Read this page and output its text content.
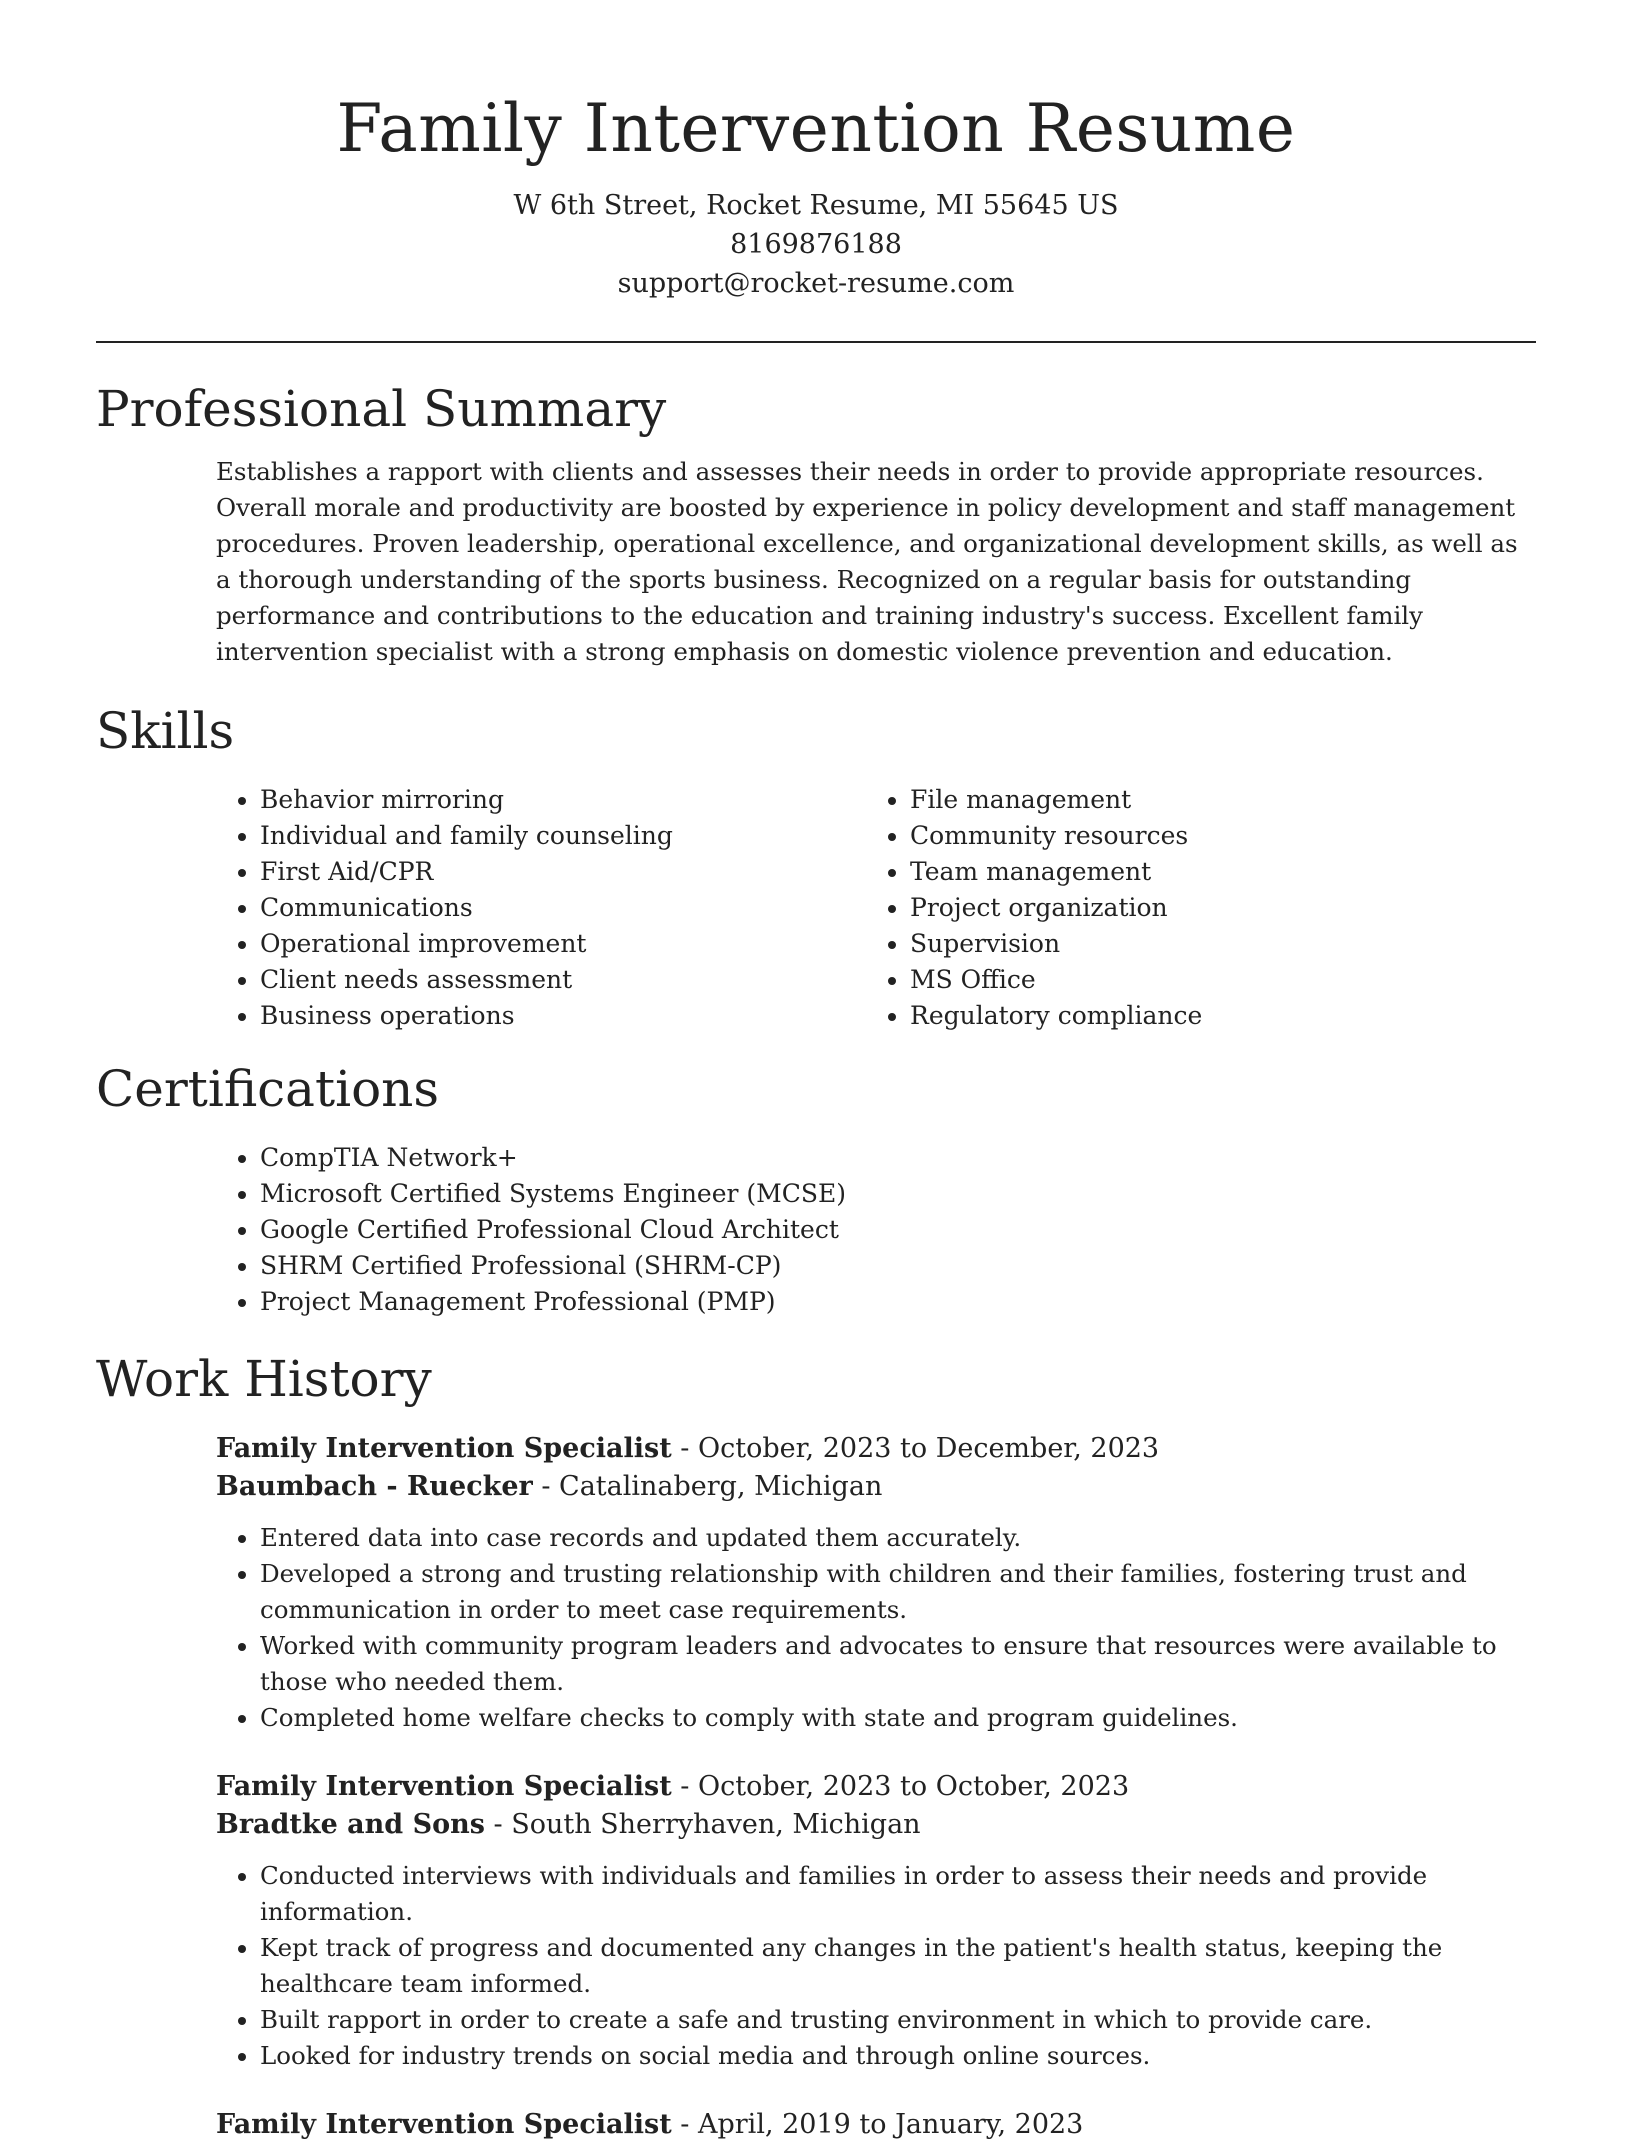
Family Intervention Resume

W 6th Street, Rocket Resume, MI 55645 US

8169876188

support@rocket-resume.com

Professional Summary

Establishes a rapport with clients and assesses their needs in order to provide appropriate resources. Overall morale and productivity are boosted by experience in policy development and staff management procedures. Proven leadership, operational excellence, and organizational development skills, as well as a thorough understanding of the sports business. Recognized on a regular basis for outstanding performance and contributions to the education and training industry's success. Excellent family intervention specialist with a strong emphasis on domestic violence prevention and education.

Skills
• Behavior mirroring
• Individual and family counseling
• First Aid/CPR
• Communications
• Operational improvement
• Client needs assessment
• Business operations
• File management
• Community resources
• Team management
• Project organization
• Supervision
• MS Office
• Regulatory compliance
Certifications
• CompTIA Network+
• Microsoft Certified Systems Engineer (MCSE)
• Google Certified Professional Cloud Architect
• SHRM Certified Professional (SHRM-CP)
• Project Management Professional (PMP)
Work History

Family Intervention Specialist - October, 2023 to December, 2023

Baumbach - Ruecker - Catalinaberg, Michigan

• Entered data into case records and updated them accurately.
• Developed a strong and trusting relationship with children and their families, fostering trust and communication in order to meet case requirements.
• Worked with community program leaders and advocates to ensure that resources were available to those who needed them.
• Completed home welfare checks to comply with state and program guidelines.

Family Intervention Specialist - October, 2023 to October, 2023

Bradtke and Sons - South Sherryhaven, Michigan

• Conducted interviews with individuals and families in order to assess their needs and provide information.
• Kept track of progress and documented any changes in the patient's health status, keeping the healthcare team informed.
• Built rapport in order to create a safe and trusting environment in which to provide care.
• Looked for industry trends on social media and through online sources.

Family Intervention Specialist - April, 2019 to January, 2023
